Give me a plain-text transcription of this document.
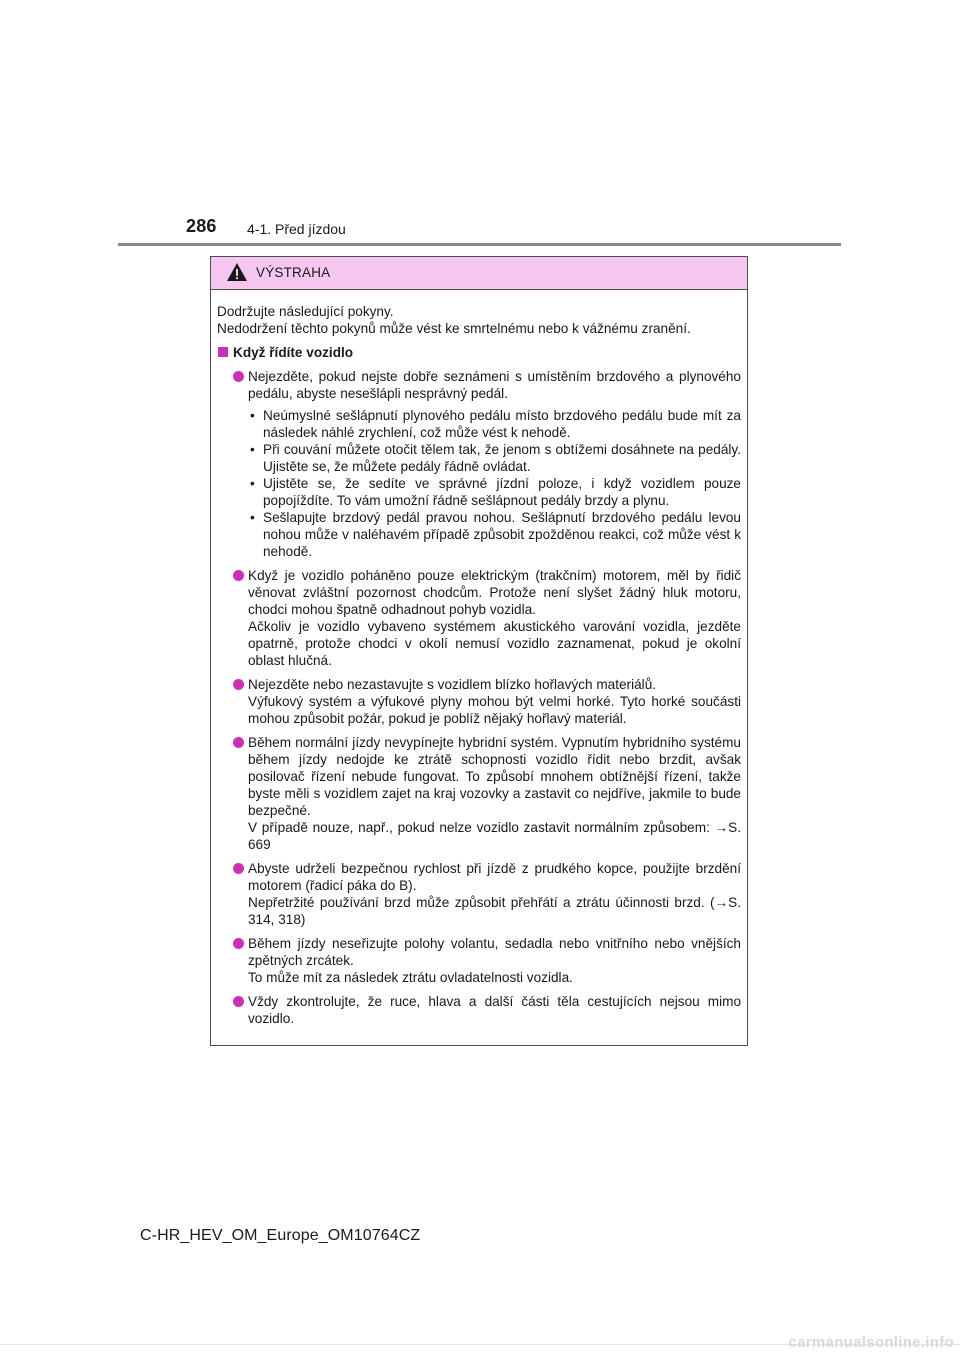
286 4-1. Před jízdou
VÝSTRAHA
Dodržujte následující pokyny.
Nedodržení těchto pokynů může vést ke smrtelnému nebo k vážnému zranění.
Když řídíte vozidlo

Nejezděte, pokud nejste dobře seznámeni s umístěním brzdového a plynového pedálu, abyste nesešlápli nesprávný pedál.

• Neúmyslné sešlápnutí plynového pedálu místo brzdového pedálu bude mít za následek náhlé zrychlení, což může vést k nehodě.
• Při couvání můžete otočit tělem tak, že jenom s obtížemi dosáhnete na pedály. Ujistěte se, že můžete pedály řádně ovládat.
• Ujistěte se, že sedíte ve správné jízdní poloze, i když vozidlem pouze popojíždíte. To vám umožní řádně sešlápnout pedály brzdy a plynu.
• Sešlapujte brzdový pedál pravou nohou. Sešlápnutí brzdového pedálu levou nohou může v naléhavém případě způsobit zpožděnou reakci, což může vést k nehodě.

Když je vozidlo poháněno pouze elektrickým (trakčním) motorem, měl by řidič věnovat zvláštní pozornost chodcům. Protože není slyšet žádný hluk motoru, chodci mohou špatně odhadnout pohyb vozidla.

Ačkoliv je vozidlo vybaveno systémem akustického varování vozidla, jezděte opatrně, protože chodci v okolí nemusí vozidlo zaznamenat, pokud je okolní oblast hlučná.

Nejezděte nebo nezastavujte s vozidlem blízko hořlavých materiálů.

Výfukový systém a výfukové plyny mohou být velmi horké. Tyto horké součásti mohou způsobit požár, pokud je poblíž nějaký hořlavý materiál.

Během normální jízdy nevypínejte hybridní systém. Vypnutím hybridního systému během jízdy nedojde ke ztrátě schopnosti vozidlo řídit nebo brzdit, avšak posilovač řízení nebude fungovat. To způsobí mnohem obtížnější řízení, takže byste měli s vozidlem zajet na kraj vozovky a zastavit co nejdříve, jakmile to bude bezpečné.

V případě nouze, např., pokud nelze vozidlo zastavit normálním způsobem: →S. 669

Abyste udrželi bezpečnou rychlost při jízdě z prudkého kopce, použijte brzdění motorem (řadicí páka do B).

Nepřetržité používání brzd může způsobit přehřátí a ztrátu účinnosti brzd. (→S. 314, 318)

Během jízdy neseřizujte polohy volantu, sedadla nebo vnitřního nebo vnějších zpětných zrcátek.

To může mít za následek ztrátu ovladatelnosti vozidla.

Vždy zkontrolujte, že ruce, hlava a další části těla cestujících nejsou mimo vozidlo.

C-HR_HEV_OM_Europe_OM10764CZ
carmanualsonline.info
